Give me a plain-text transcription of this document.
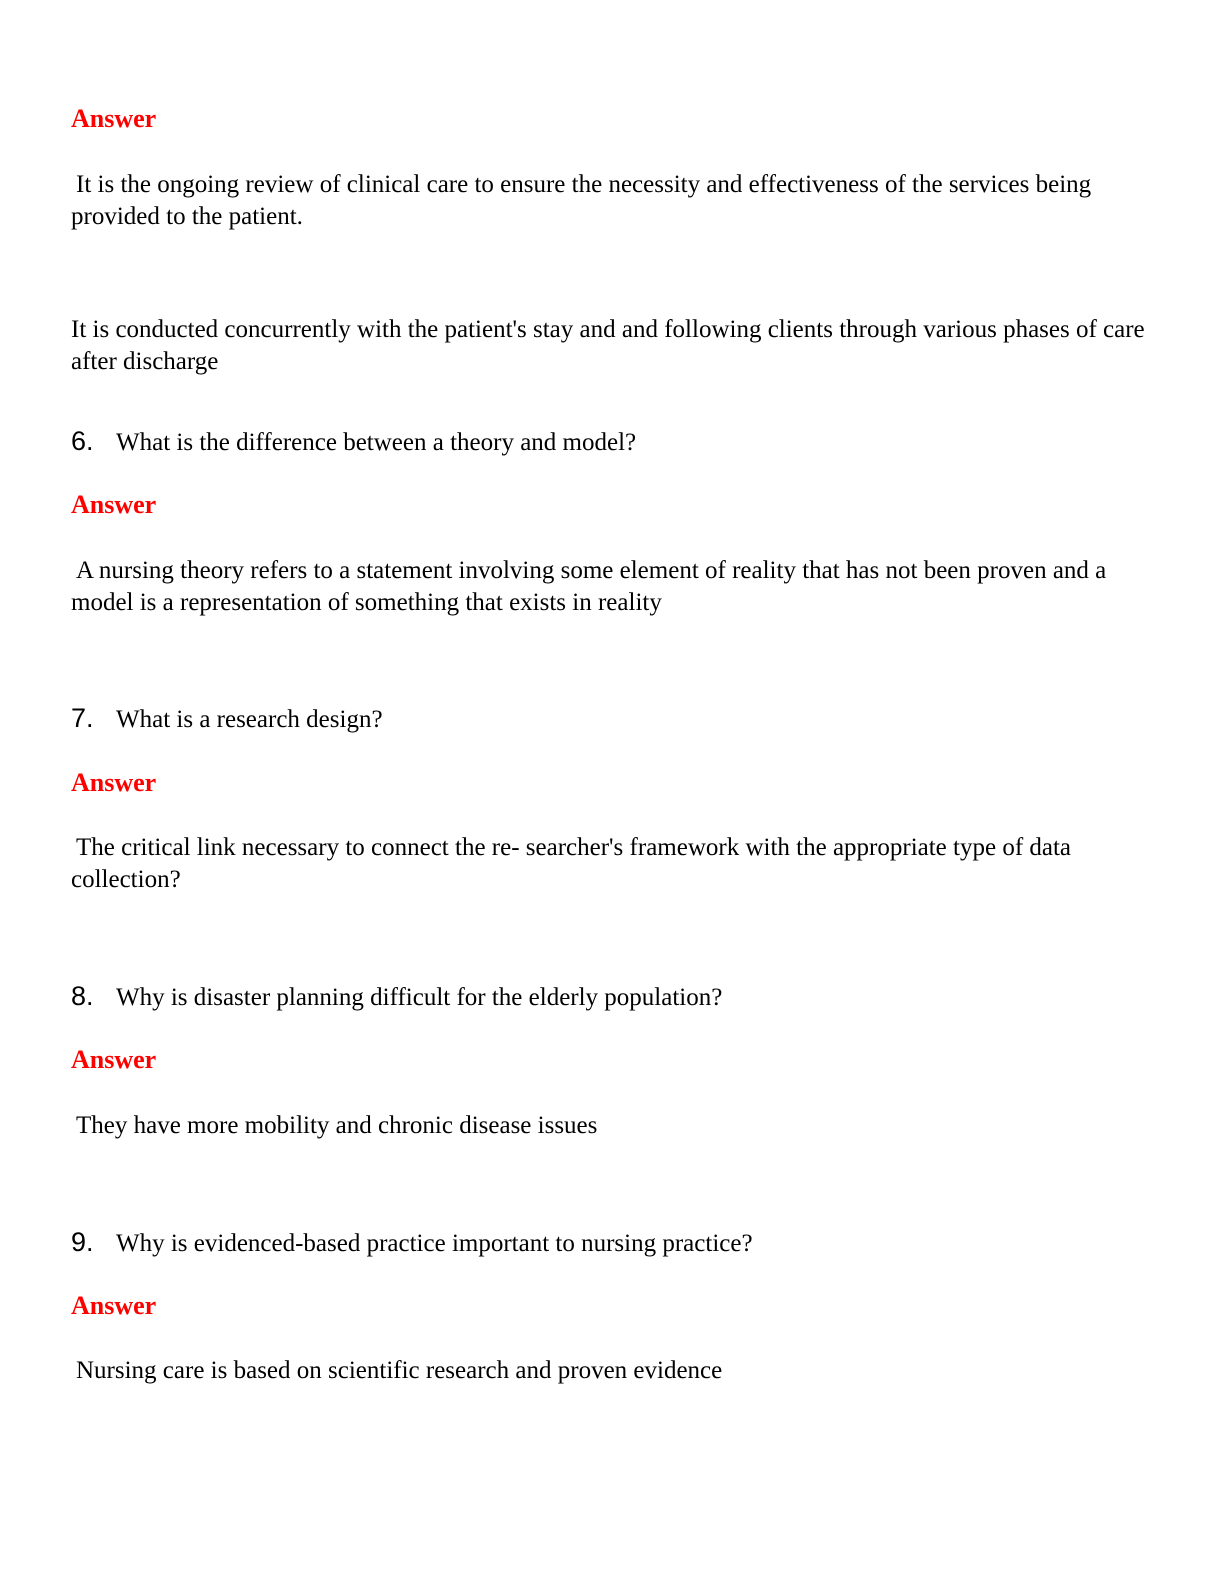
Answer

It is the ongoing review of clinical care to ensure the necessity and effectiveness of the services being provided to the patient.

It is conducted concurrently with the patient's stay and and following clients through various phases of care after discharge

6. What is the difference between a theory and model?

Answer

A nursing theory refers to a statement involving some element of reality that has not been proven and a model is a representation of something that exists in reality

7. What is a research design?

Answer

The critical link necessary to connect the re- searcher's framework with the appropriate type of data collection?

8. Why is disaster planning difficult for the elderly population?

Answer

They have more mobility and chronic disease issues

9. Why is evidenced-based practice important to nursing practice?

Answer

Nursing care is based on scientific research and proven evidence
